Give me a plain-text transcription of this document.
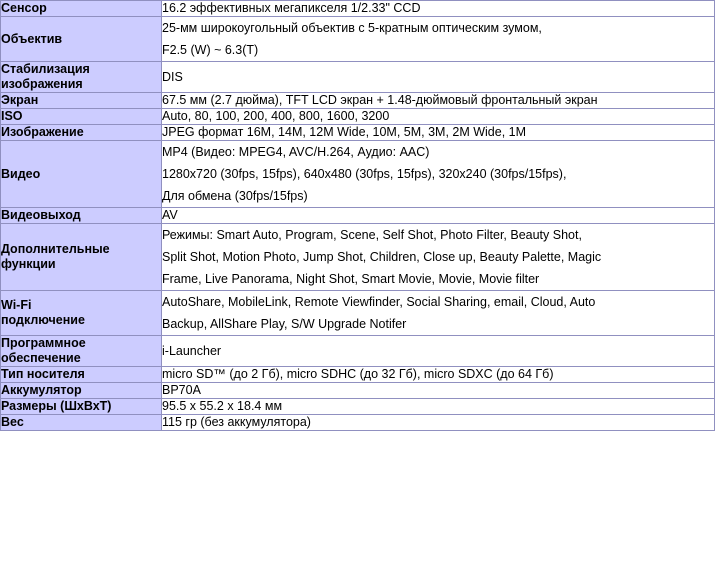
Сенсор	16.2 эффективных мегапикселя 1/2.33" CCD

Объектив	25-мм широкоугольный объектив с 5-кратным оптическим зумом,
F2.5 (W) ~ 6.3(T)

Стабилизация
изображения	DIS

Экран	67.5 мм (2.7 дюйма), TFT LCD экран + 1.48-дюймовый фронтальный экран

ISO	Auto, 80, 100, 200, 400, 800, 1600, 3200

Изображение	JPEG формат 16M, 14M, 12M Wide, 10M, 5M, 3M, 2M Wide, 1M

Видео	MP4 (Видео: MPEG4, AVC/H.264, Аудио: AAC)
1280x720 (30fps, 15fps), 640x480 (30fps, 15fps), 320x240 (30fps/15fps),
Для обмена (30fps/15fps)

Видеовыход	AV

Дополнительные
функции	Режимы: Smart Auto, Program, Scene, Self Shot, Photo Filter, Beauty Shot,
Split Shot, Motion Photo, Jump Shot, Children, Close up, Beauty Palette, Magic
Frame, Live Panorama, Night Shot, Smart Movie, Movie, Movie filter

Wi-Fi
подключение	AutoShare, MobileLink, Remote Viewfinder, Social Sharing, email, Cloud, Auto
Backup, AllShare Play, S/W Upgrade Notifer

Программное
обеспечение	i-Launcher

Тип носителя	micro SD™ (до 2 Гб), micro SDHC (до 32 Гб), micro SDXC (до 64 Гб)

Аккумулятор	BP70A

Размеры (ШхВхТ)	95.5 x 55.2 x 18.4 мм

Вес	115 гр (без аккумулятора)
